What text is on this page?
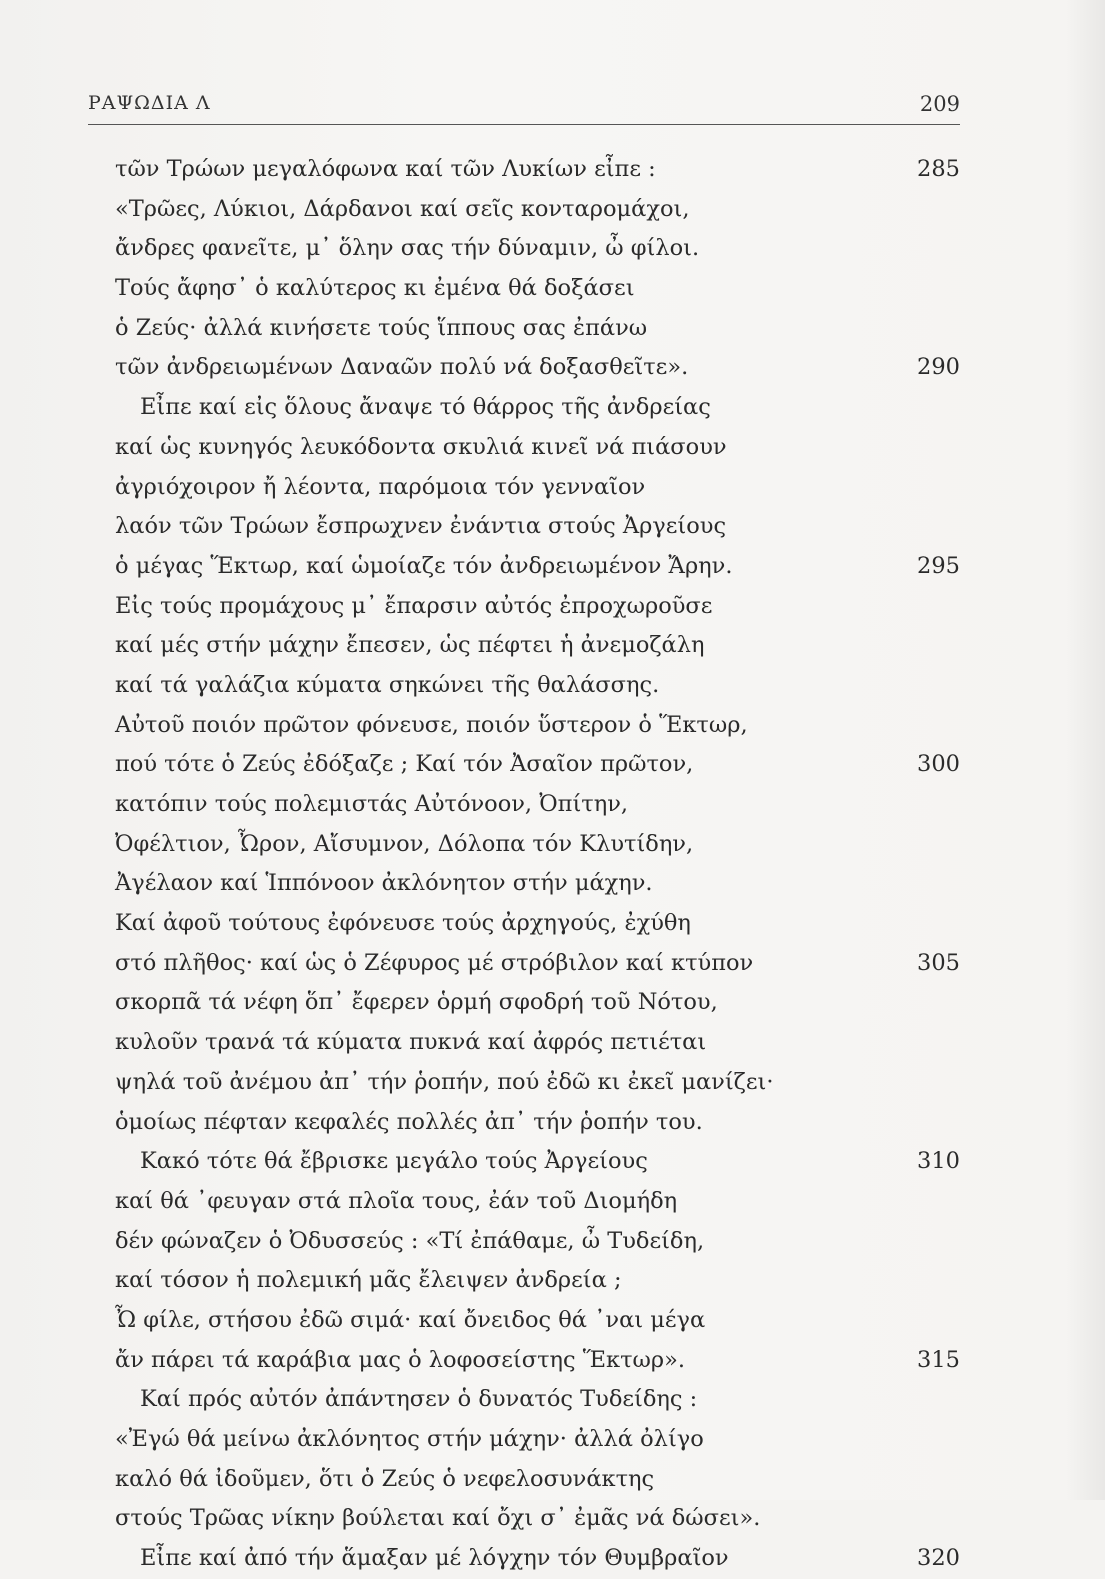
ΡΑΨΩΔΙΑ Λ	209
τῶν Τρώων μεγαλόφωνα καί τῶν Λυκίων εἶπε :	285
«Τρῶες, Λύκιοι, Δάρδανοι καί σεῖς κονταρομάχοι,
ἄνδρες φανεῖτε, μ᾽ ὅλην σας τήν δύναμιν, ὦ φίλοι.
Τούς ἄφησ᾽ ὁ καλύτερος κι ἐμένα θά δοξάσει
ὁ Ζεύς· ἀλλά κινήσετε τούς ἵππους σας ἐπάνω
τῶν ἀνδρειωμένων Δαναῶν πολύ νά δοξασθεῖτε».	290
Εἶπε καί εἰς ὅλους ἄναψε τό θάρρος τῆς ἀνδρείας
καί ὡς κυνηγός λευκόδοντα σκυλιά κινεῖ νά πιάσουν
ἀγριόχοιρον ἤ λέοντα, παρόμοια τόν γενναῖον
λαόν τῶν Τρώων ἔσπρωχνεν ἐνάντια στούς Ἀργείους
ὁ μέγας Ἕκτωρ, καί ὡμοίαζε τόν ἀνδρειωμένον Ἄρην.	295
Εἰς τούς προμάχους μ᾽ ἔπαρσιν αὐτός ἐπροχωροῦσε
καί μές στήν μάχην ἔπεσεν, ὡς πέφτει ἡ ἀνεμοζάλη
καί τά γαλάζια κύματα σηκώνει τῆς θαλάσσης.
Αὐτοῦ ποιόν πρῶτον φόνευσε, ποιόν ὕστερον ὁ Ἕκτωρ,
πού τότε ὁ Ζεύς ἐδόξαζε ; Καί τόν Ἀσαῖον πρῶτον,	300
κατόπιν τούς πολεμιστάς Αὐτόνοον, Ὀπίτην,
Ὀφέλτιον, Ὦρον, Αἴσυμνον, Δόλοπα τόν Κλυτίδην,
Ἀγέλαον καί Ἱππόνοον ἀκλόνητον στήν μάχην.
Καί ἀφοῦ τούτους ἐφόνευσε τούς ἀρχηγούς, ἐχύθη
στό πλῆθος· καί ὡς ὁ Ζέφυρος μέ στρόβιλον καί κτύπον	305
σκορπᾶ τά νέφη ὅπ᾽ ἔφερεν ὁρμή σφοδρή τοῦ Νότου,
κυλοῦν τρανά τά κύματα πυκνά καί ἀφρός πετιέται
ψηλά τοῦ ἀνέμου ἀπ᾽ τήν ῥοπήν, πού ἐδῶ κι ἐκεῖ μανίζει·
ὁμοίως πέφταν κεφαλές πολλές ἀπ᾽ τήν ῥοπήν του.
Κακό τότε θά ἔβρισκε μεγάλο τούς Ἀργείους	310
καί θά ᾽φευγαν στά πλοῖα τους, ἐάν τοῦ Διομήδη
δέν φώναζεν ὁ Ὀδυσσεύς : «Τί ἐπάθαμε, ὦ Τυδείδη,
καί τόσον ἡ πολεμική μᾶς ἔλειψεν ἀνδρεία ;
Ὦ φίλε, στήσου ἐδῶ σιμά· καί ὄνειδος θά ᾽ναι μέγα
ἄν πάρει τά καράβια μας ὁ λοφοσείστης Ἕκτωρ».	315
Καί πρός αὐτόν ἀπάντησεν ὁ δυνατός Τυδείδης :
«Ἐγώ θά μείνω ἀκλόνητος στήν μάχην· ἀλλά ὀλίγο
καλό θά ἰδοῦμεν, ὅτι ὁ Ζεύς ὁ νεφελοσυνάκτης
στούς Τρῶας νίκην βούλεται καί ὄχι σ᾽ ἐμᾶς νά δώσει».
Εἶπε καί ἀπό τήν ἅμαξαν μέ λόγχην τόν Θυμβραῖον	320
